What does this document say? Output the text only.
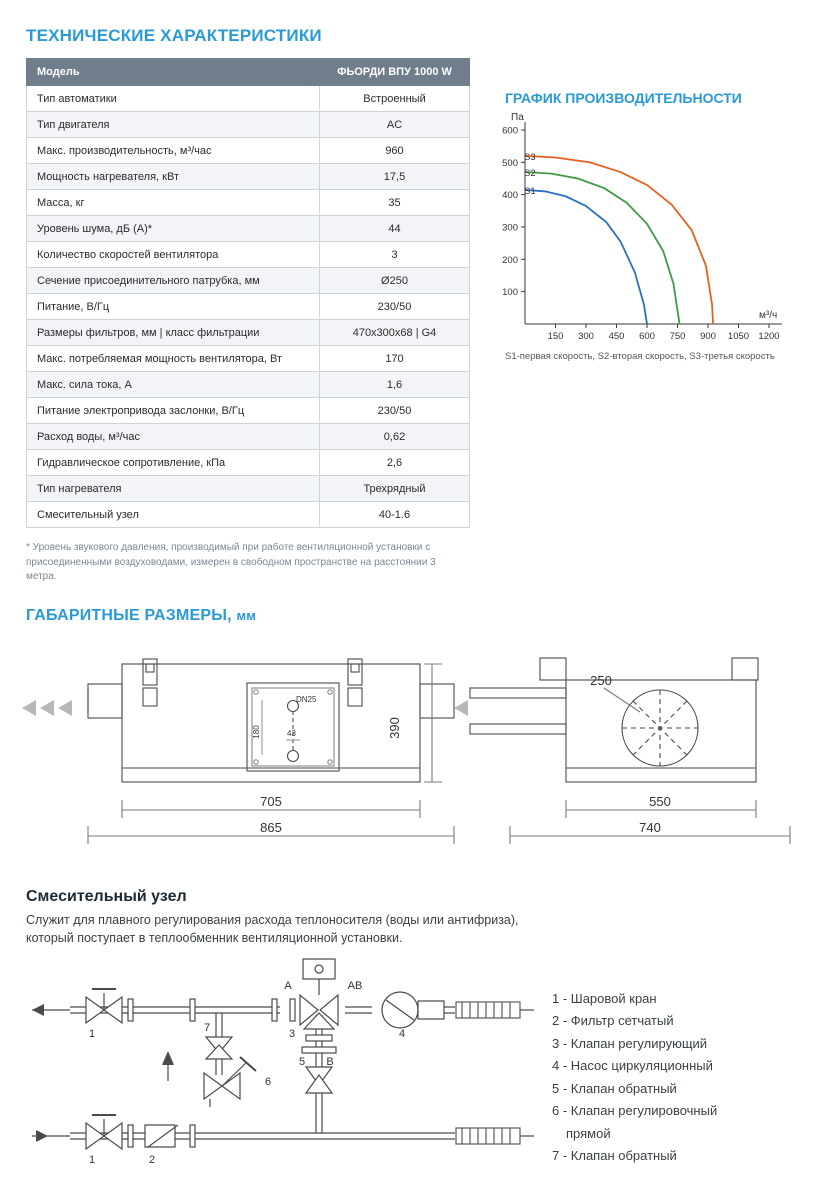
ТЕХНИЧЕСКИЕ ХАРАКТЕРИСТИКИ
Модель	ФЬОРДИ ВПУ 1000 W
Тип автоматики	Встроенный
Тип двигателя	AC
Макс. производительность, м³/час	960
Мощность нагревателя, кВт	17,5
Масса, кг	35
Уровень шума, дБ (А)*	44
Количество скоростей вентилятора	3
Сечение присоединительного патрубка, мм	Ø250
Питание, В/Гц	230/50
Размеры фильтров, мм | класс фильтрации	470х300х68 | G4
Макс. потребляемая мощность вентилятора, Вт	170
Макс. сила тока, А	1,6
Питание электропривода заслонки, В/Гц	230/50
Расход воды, м³/час	0,62
Гидравлическое сопротивление, кПа	2,6
Тип нагревателя	Трехрядный
Смесительный узел	40-1.6
* Уровень звукового давления, производимый при работе вентиляционной установки с присоединенными воздуховодами, измерен в свободном пространстве на расстоянии 3 метра.
ГРАФИК ПРОИЗВОДИТЕЛЬНОСТИ
100
200
300
400
500
600
150 300 450 600 750 900 1050 1200
S1
S2
S3
Па
м³/ч
S1-первая скорость, S2-вторая скорость, S3-третья скорость
ГАБАРИТНЫЕ РАЗМЕРЫ, мм
705
865
550
740
250
390
180	43
DN25
Смесительный узел
Служит для плавного регулирования расхода теплоносителя (воды или антифриза), который поступает в теплообменник вентиляционной установки.
1
1	2
3	4
5
6
7
A
B
AB
1 - Шаровой кран
2 - Фильтр сетчатый
3 - Клапан регулирующий
4 - Насос циркуляционный
5 - Клапан обратный
6 - Клапан регулировочный
прямой
7 - Клапан обратный
